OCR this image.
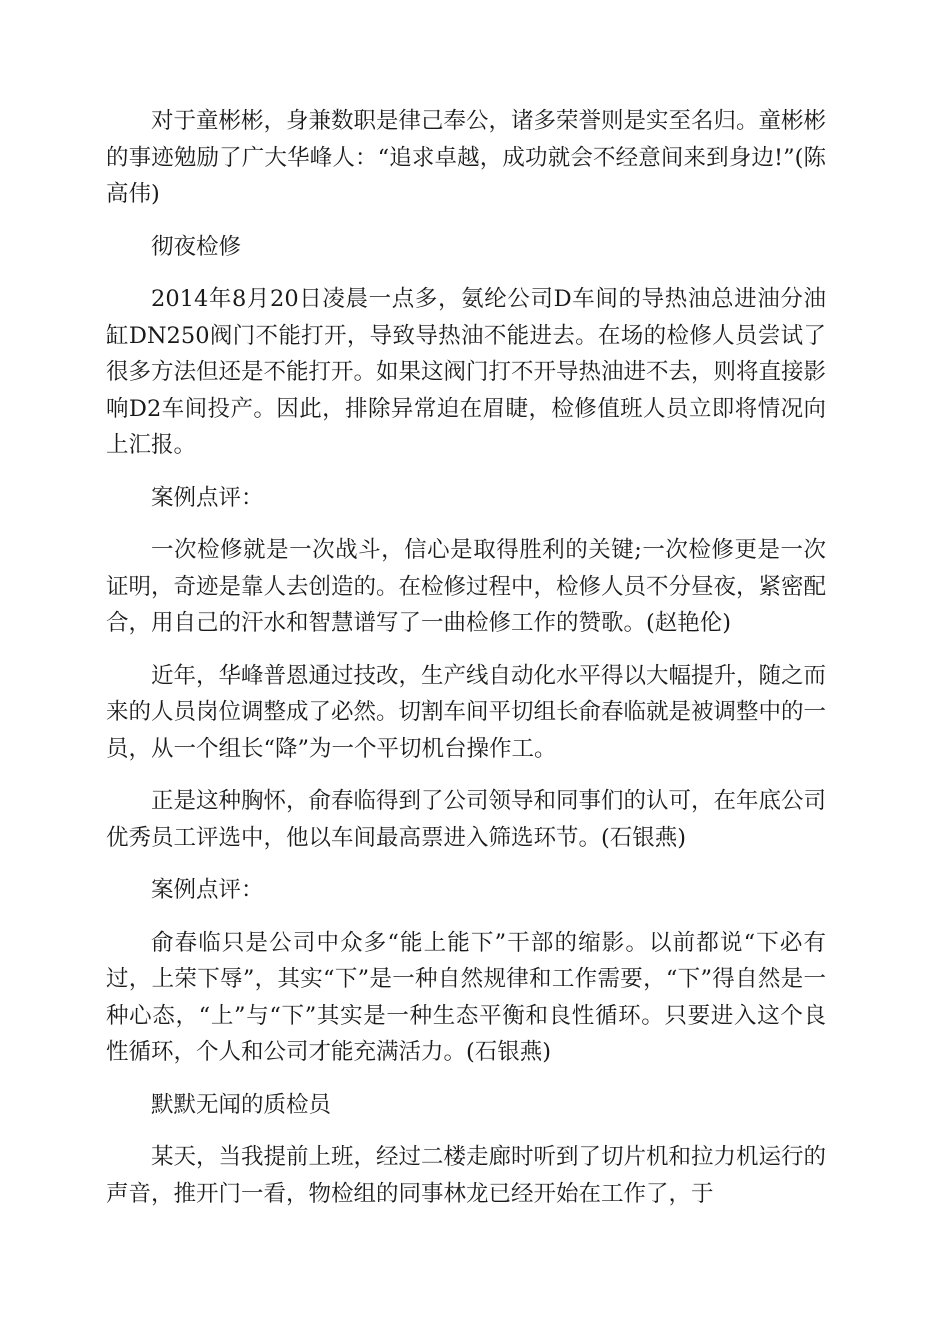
对于童彬彬，身兼数职是律己奉公，诸多荣誉则是实至名归。童彬彬的事迹勉励了广大华峰人：“追求卓越，成功就会不经意间来到身边!”(陈高伟)

彻夜检修

2014年8月20日凌晨一点多，氨纶公司D车间的导热油总进油分油缸DN250阀门不能打开，导致导热油不能进去。在场的检修人员尝试了很多方法但还是不能打开。如果这阀门打不开导热油进不去，则将直接影响D2车间投产。因此，排除异常迫在眉睫，检修值班人员立即将情况向上汇报。

案例点评：

一次检修就是一次战斗，信心是取得胜利的关键;一次检修更是一次证明，奇迹是靠人去创造的。在检修过程中，检修人员不分昼夜，紧密配合，用自己的汗水和智慧谱写了一曲检修工作的赞歌。(赵艳伦)

近年，华峰普恩通过技改，生产线自动化水平得以大幅提升，随之而来的人员岗位调整成了必然。切割车间平切组长俞春临就是被调整中的一员，从一个组长“降”为一个平切机台操作工。

正是这种胸怀，俞春临得到了公司领导和同事们的认可，在年底公司优秀员工评选中，他以车间最高票进入筛选环节。(石银燕)

案例点评：

俞春临只是公司中众多“能上能下”干部的缩影。以前都说“下必有过，上荣下辱”，其实“下”是一种自然规律和工作需要，“下”得自然是一种心态，“上”与“下”其实是一种生态平衡和良性循环。只要进入这个良性循环，个人和公司才能充满活力。(石银燕)

默默无闻的质检员

某天，当我提前上班，经过二楼走廊时听到了切片机和拉力机运行的声音，推开门一看，物检组的同事林龙已经开始在工作了，于
